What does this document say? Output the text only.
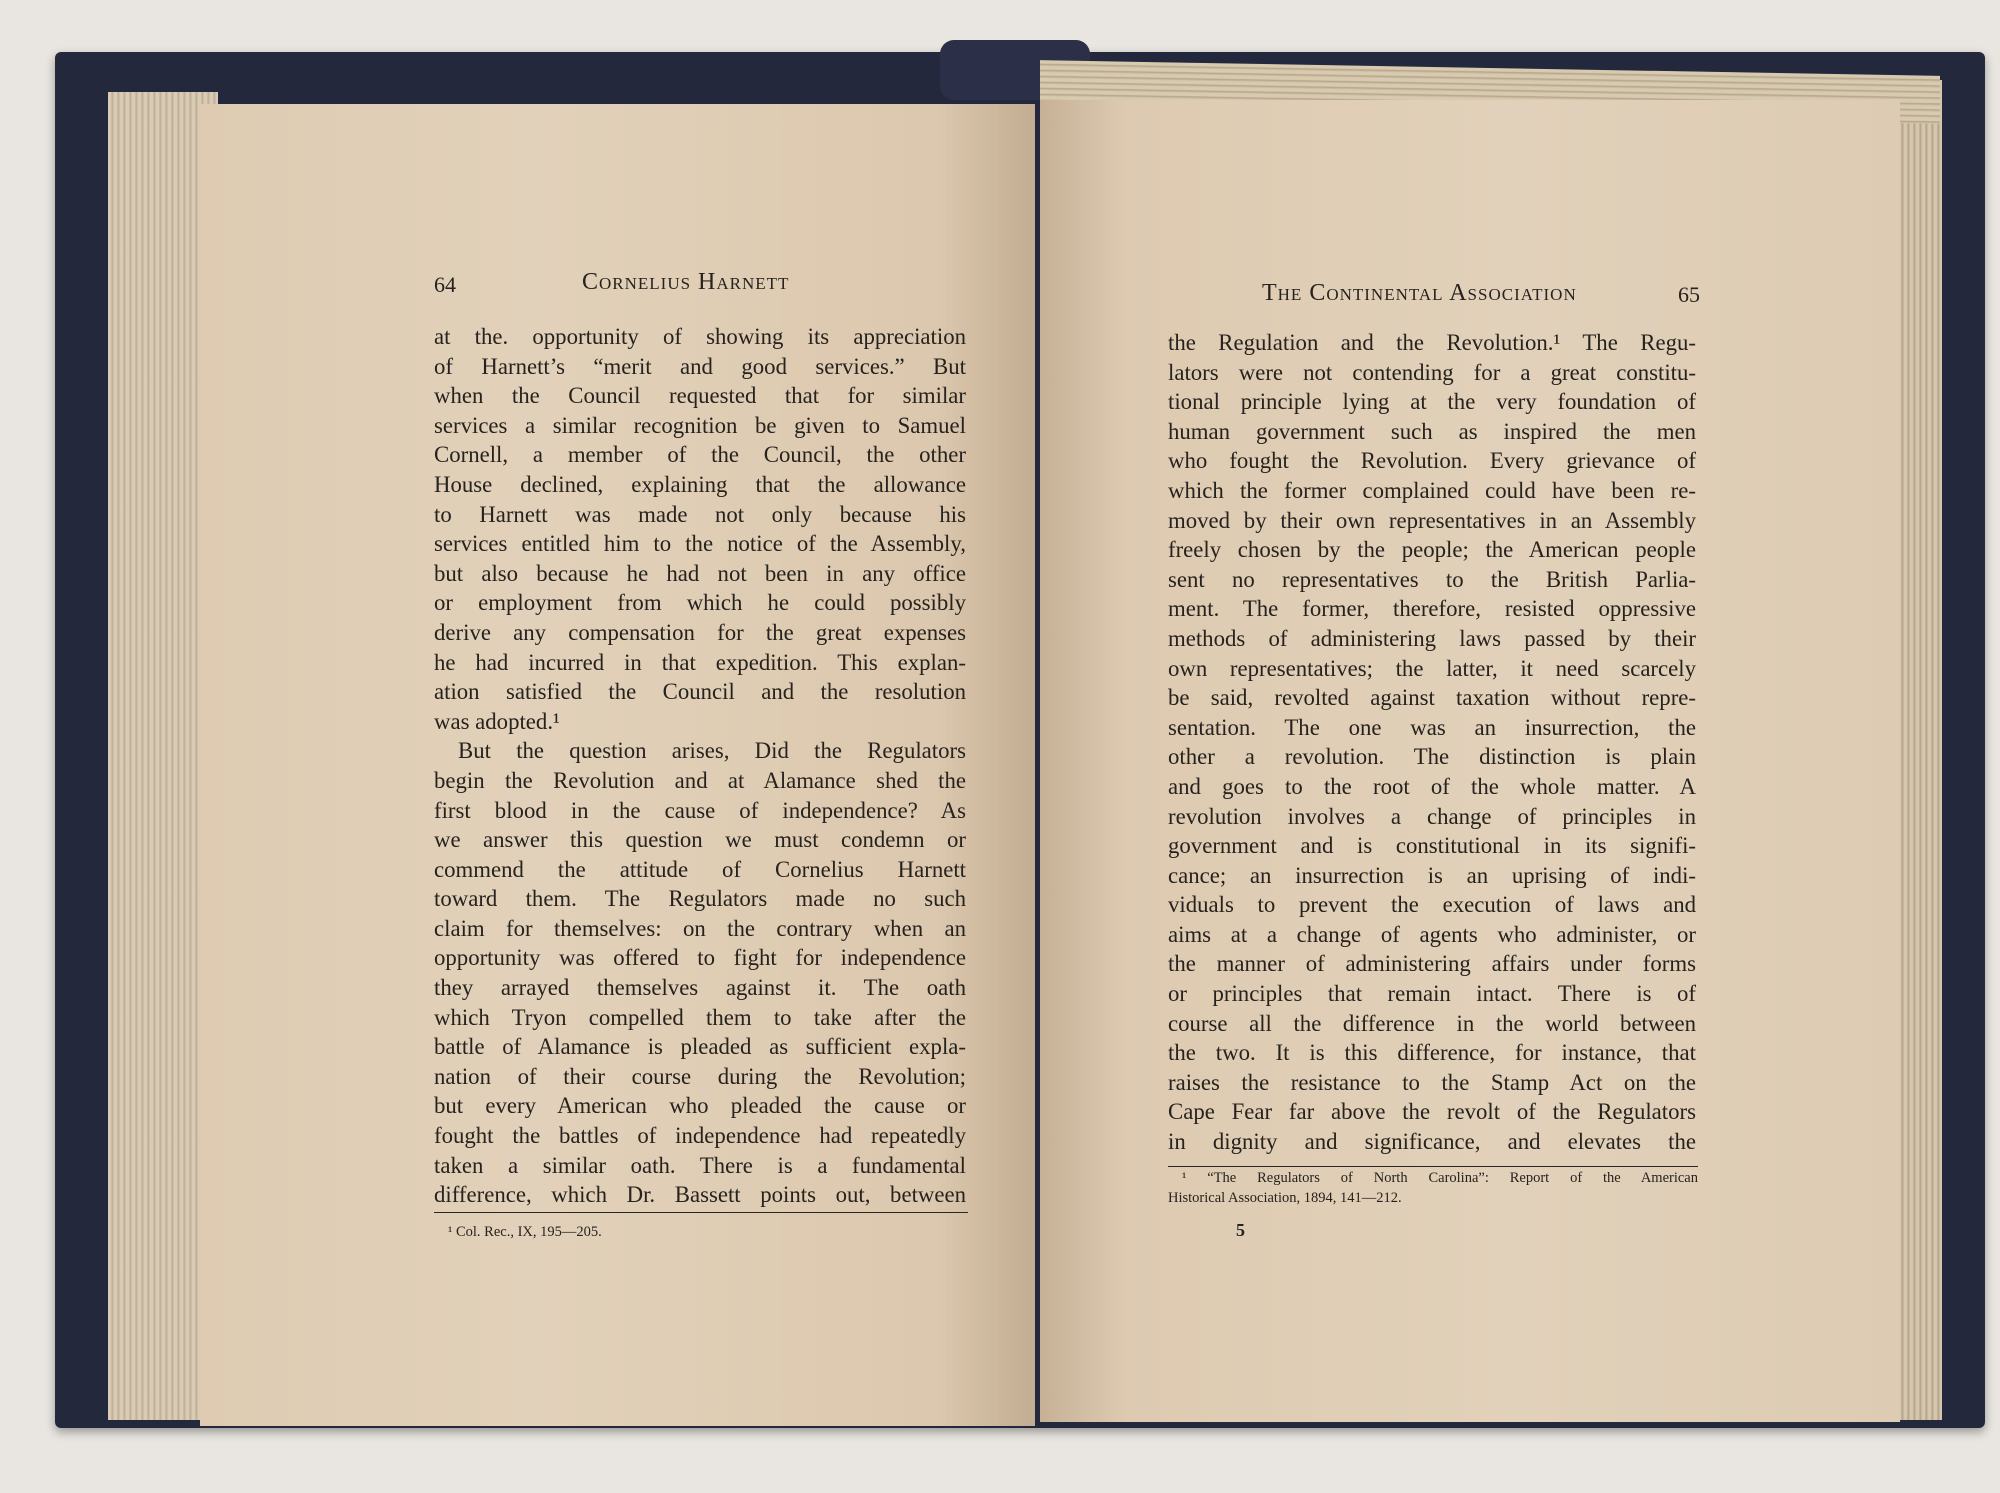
64	Cornelius Harnett
at the. opportunity of showing its appreciation
of Harnett’s “merit and good services.” But
when the Council requested that for similar
services a similar recognition be given to Samuel
Cornell, a member of the Council, the other
House declined, explaining that the allowance
to Harnett was made not only because his
services entitled him to the notice of the Assembly,
but also because he had not been in any office
or employment from which he could possibly
derive any compensation for the great expenses
he had incurred in that expedition. This explan-
ation satisfied the Council and the resolution
was adopted.¹
But the question arises, Did the Regulators
begin the Revolution and at Alamance shed the
first blood in the cause of independence? As
we answer this question we must condemn or
commend the attitude of Cornelius Harnett
toward them. The Regulators made no such
claim for themselves: on the contrary when an
opportunity was offered to fight for independence
they arrayed themselves against it. The oath
which Tryon compelled them to take after the
battle of Alamance is pleaded as sufficient expla-
nation of their course during the Revolution;
but every American who pleaded the cause or
fought the battles of independence had repeatedly
taken a similar oath. There is a fundamental
difference, which Dr. Bassett points out, between
¹ Col. Rec., IX, 195—205.
The Continental Association	65
the Regulation and the Revolution.¹ The Regu-
lators were not contending for a great constitu-
tional principle lying at the very foundation of
human government such as inspired the men
who fought the Revolution. Every grievance of
which the former complained could have been re-
moved by their own representatives in an Assembly
freely chosen by the people; the American people
sent no representatives to the British Parlia-
ment. The former, therefore, resisted oppressive
methods of administering laws passed by their
own representatives; the latter, it need scarcely
be said, revolted against taxation without repre-
sentation. The one was an insurrection, the
other a revolution. The distinction is plain
and goes to the root of the whole matter. A
revolution involves a change of principles in
government and is constitutional in its signifi-
cance; an insurrection is an uprising of indi-
viduals to prevent the execution of laws and
aims at a change of agents who administer, or
the manner of administering affairs under forms
or principles that remain intact. There is of
course all the difference in the world between
the two. It is this difference, for instance, that
raises the resistance to the Stamp Act on the
Cape Fear far above the revolt of the Regulators
in dignity and significance, and elevates the
¹ “The Regulators of North Carolina”: Report of the American
Historical Association, 1894, 141—212.
5
